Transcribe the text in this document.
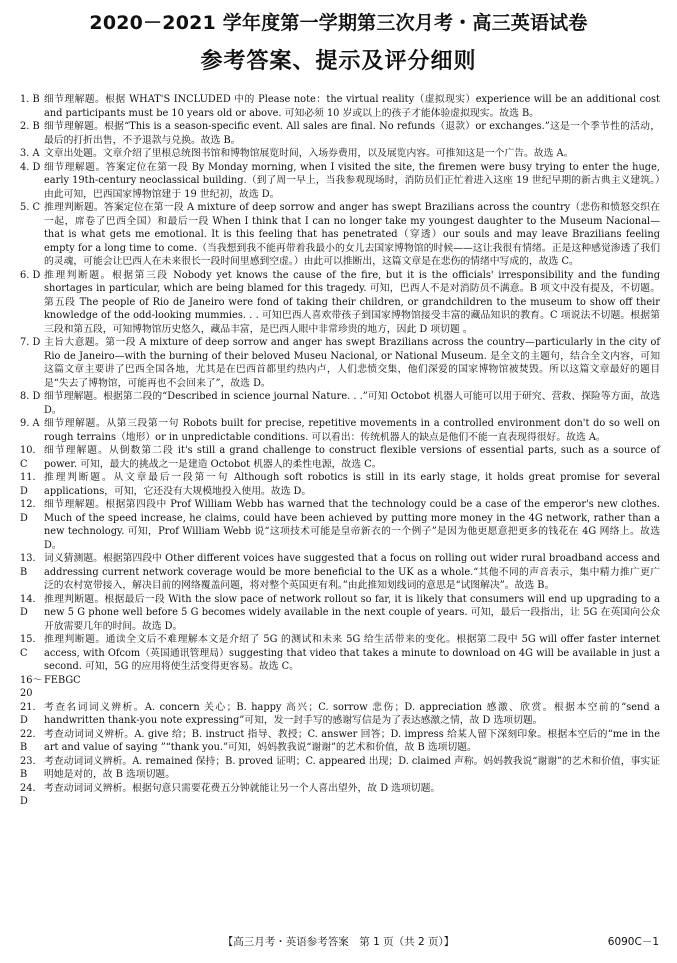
2020－2021 学年度第一学期第三次月考・高三英语试卷
参考答案、提示及评分细则
1. B 细节理解题。根据 WHAT'S INCLUDED 中的 Please note：the virtual reality（虚拟现实）experience will be an additional cost and participants must be 10 years old or above. 可知必须 10 岁或以上的孩子才能体验虚拟现实。故选 B。
2. B 细节理解题。根据“This is a season-specific event. All sales are final. No refunds（退款）or exchanges.”这是一个季节性的活动，最后的打折出售，不予退款与兑换。故选 B。
3. A 文章出处题。文章介绍了里根总统图书馆和博物馆展览时间，入场券费用，以及展览内容。可推知这是一个广告。故选 A。
4. D 细节理解题。答案定位在第一段 By Monday morning, when I visited the site, the firemen were busy trying to enter the huge, early 19th-century neoclassical building.（到了周一早上，当我参观现场时，消防员们正忙着进入这座 19 世纪早期的新古典主义建筑。）由此可知，巴西国家博物馆建于 19 世纪初，故选 D。
5. C 推理判断题。答案定位在第一段 A mixture of deep sorrow and anger has swept Brazilians across the country（悲伤和愤怒交织在一起，席卷了巴西全国）和最后一段 When I think that I can no longer take my youngest daughter to the Museum Nacional—that is what gets me emotional. It is this feeling that has penetrated（穿透）our souls and may leave Brazilians feeling empty for a long time to come.（当我想到我不能再带着我最小的女儿去国家博物馆的时候——这让我很有情绪。正是这种感觉渗透了我们的灵魂，可能会让巴西人在未来很长一段时间里感到空虚。）由此可以推断出，这篇文章是在悲伤的情绪中写成的，故选 C。
6. D 推理判断题。根据第三段 Nobody yet knows the cause of the fire, but it is the officials' irresponsibility and the funding shortages in particular, which are being blamed for this tragedy. 可知，巴西人不是对消防员不满意。B 项文中没有提及，不切题。第五段 The people of Rio de Janeiro were fond of taking their children, or grandchildren to the museum to show off their knowledge of the odd-looking mummies. . . 可知巴西人喜欢带孩子到国家博物馆接受丰富的藏品知识的教育。C 项说法不切题。根据第三段和第五段，可知博物馆历史悠久，藏品丰富，是巴西人眼中非常珍贵的地方，因此 D 项切题 。
7. D 主旨大意题。第一段 A mixture of deep sorrow and anger has swept Brazilians across the country—particularly in the city of Rio de Janeiro—with the burning of their beloved Museu Nacional, or National Museum. 是全文的主题句，结合全文内容，可知这篇文章主要讲了巴西全国各地，尤其是在巴西首都里约热内卢，人们悲愤交集，他们深爱的国家博物馆被焚毁。所以这篇文章最好的题目是“失去了博物馆，可能再也不会回来了”，故选 D。
8. D 细节理解题。根据第二段的“Described in science journal Nature. . .”可知 Octobot 机器人可能可以用于研究、营救、探险等方面，故选 D。
9. A 细节理解题。从第三段第一句 Robots built for precise, repetitive movements in a controlled environment don't do so well on rough terrains（地形）or in unpredictable conditions. 可以看出：传统机器人的缺点是他们不能一直表现得很好。故选 A。
10. C
细节理解题。从倒数第二段 it's still a grand challenge to construct flexible versions of essential parts, such as a source of power. 可知，最大的挑战之一是建造 Octobot 机器人的柔性电源，故选 C。
11. D
推理判断题。从文章最后一段第一句 Although soft robotics is still in its early stage, it holds great promise for several applications，可知，它还没有大规模地投入使用。故选 D。
12. D
细节理解题。根据第四段中 Prof William Webb has warned that the technology could be a case of the emperor's new clothes. Much of the speed increase, he claims, could have been achieved by putting more money in the 4G network, rather than a new technology. 可知，Prof William Webb 说“这项技术可能是皇帝新衣的一个例子”是因为他更愿意把更多的钱花在 4G 网络上。故选 D。
13. B
词义猜测题。根据第四段中 Other different voices have suggested that a focus on rolling out wider rural broadband access and addressing current network coverage would be more beneficial to the UK as a whole.“其他不同的声音表示，集中精力推广更广泛的农村宽带接入，解决目前的网络覆盖问题，将对整个英国更有利。”由此推知划线词的意思是“试图解决”。故选 B。
14. D
推理判断题。根据最后一段 With the slow pace of network rollout so far, it is likely that consumers will end up upgrading to a new 5 G phone well before 5 G becomes widely available in the next couple of years. 可知，最后一段指出，让 5G 在英国向公众开放需要几年的时间。故选 D。
15. C
推理判断题。通读全文后不难理解本文是介绍了 5G 的测试和未来 5G 给生活带来的变化。根据第二段中 5G will offer faster internet access, with Ofcom（英国通讯管理局）suggesting that video that takes a minute to download on 4G will be available in just a second. 可知，5G 的应用将使生活变得更容易。故选 C。
16～20
FEBGC
21. D
考查名词词义辨析。A. concern 关心；B. happy 高兴；C. sorrow 悲伤；D. appreciation 感激、欣赏。根据本空前的“send a handwritten thank-you note expressing”可知，发一封手写的感谢写信是为了表达感激之情，故 D 选项切题。
22. B
考查动词词义辨析。A. give 给；B. instruct 指导、教授；C. answer 回答；D. impress 给某人留下深刻印象。根据本空后的“me in the art and value of saying ”“thank you.”可知，妈妈教我说“谢谢”的艺术和价值，故 B 选项切题。
23. B
考查动词词义辨析。A. remained 保持；B. proved 证明；C. appeared 出现；D. claimed 声称。妈妈教我说“谢谢”的艺术和价值，事实证明她是对的，故 B 选项切题。
24. D
考查动词词义辨析。根据句意只需要花费五分钟就能让另一个人喜出望外，故 D 选项切题。
【高三月考・英语参考答案　第 1 页（共 2 页）】	6090C－1
